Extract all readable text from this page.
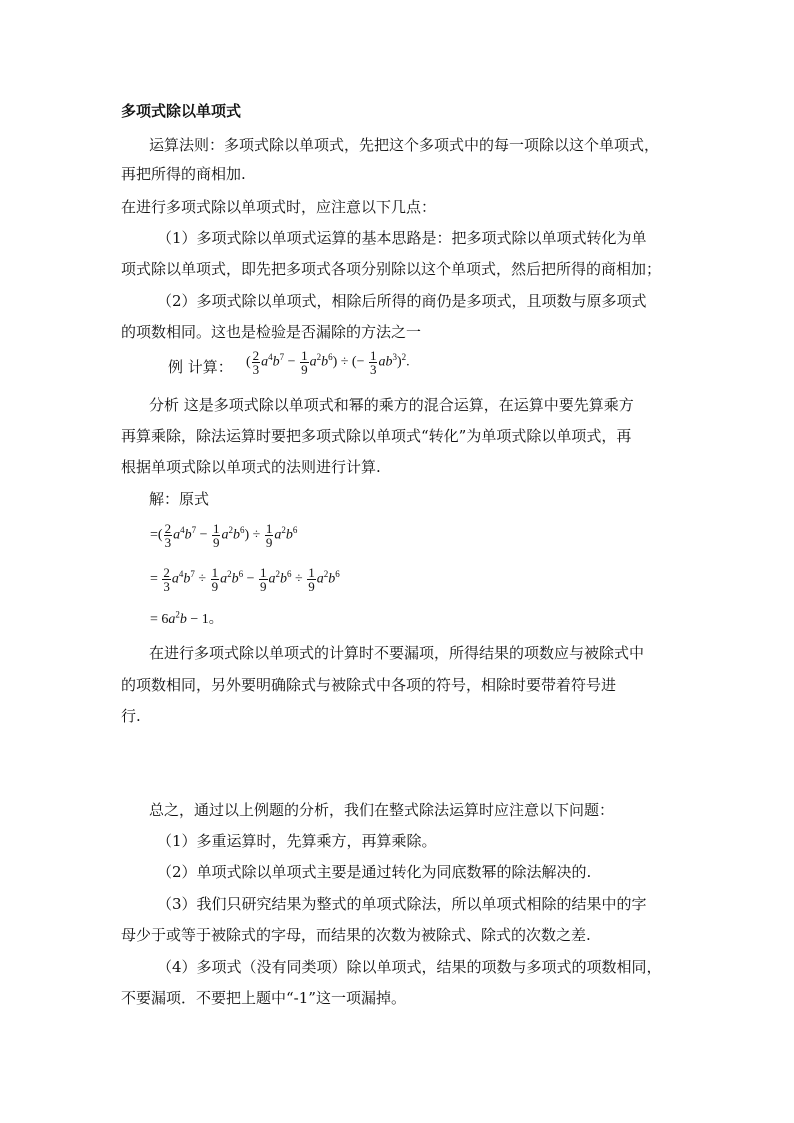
多项式除以单项式
运算法则：多项式除以单项式，先把这个多项式中的每一项除以这个单项式，
再把所得的商相加.
在进行多项式除以单项式时，应注意以下几点：
（1）多项式除以单项式运算的基本思路是：把多项式除以单项式转化为单
项式除以单项式，即先把多项式各项分别除以这个单项式，然后把所得的商相加；
（2）多项式除以单项式，相除后所得的商仍是多项式，且项数与原多项式
的项数相同。这也是检验是否漏除的方法之一
例 计算： ( $\frac{2}{3} a^4b^7 - \frac{1}{9} a^2b^6$) ÷ (− $\frac{1}{3} ab^3)^2$.
分析 这是多项式除以单项式和幂的乘方的混合运算，在运算中要先算乘方
再算乘除，除法运算时要把多项式除以单项式“转化”为单项式除以单项式，再
根据单项式除以单项式的法则进行计算.
解：原式
=( $\frac{2}{3} a^4b^7 - \frac{1}{9} a^2b^6) \div \frac{1}{9} a^2b^6$
= $\frac{2}{3} a^4b^7 \div \frac{1}{9} a^2b^6 - \frac{1}{9} a^2b^6 \div \frac{1}{9} a^2b^6$
= $6a^2b - 1$。
在进行多项式除以单项式的计算时不要漏项，所得结果的项数应与被除式中
的项数相同，另外要明确除式与被除式中各项的符号，相除时要带着符号进
行.
总之，通过以上例题的分析，我们在整式除法运算时应注意以下问题：
（1）多重运算时，先算乘方，再算乘除。
（2）单项式除以单项式主要是通过转化为同底数幂的除法解决的.
（3）我们只研究结果为整式的单项式除法，所以单项式相除的结果中的字
母少于或等于被除式的字母，而结果的次数为被除式、除式的次数之差.
（4）多项式（没有同类项）除以单项式，结果的项数与多项式的项数相同，
不要漏项．不要把上题中“-1”这一项漏掉。
